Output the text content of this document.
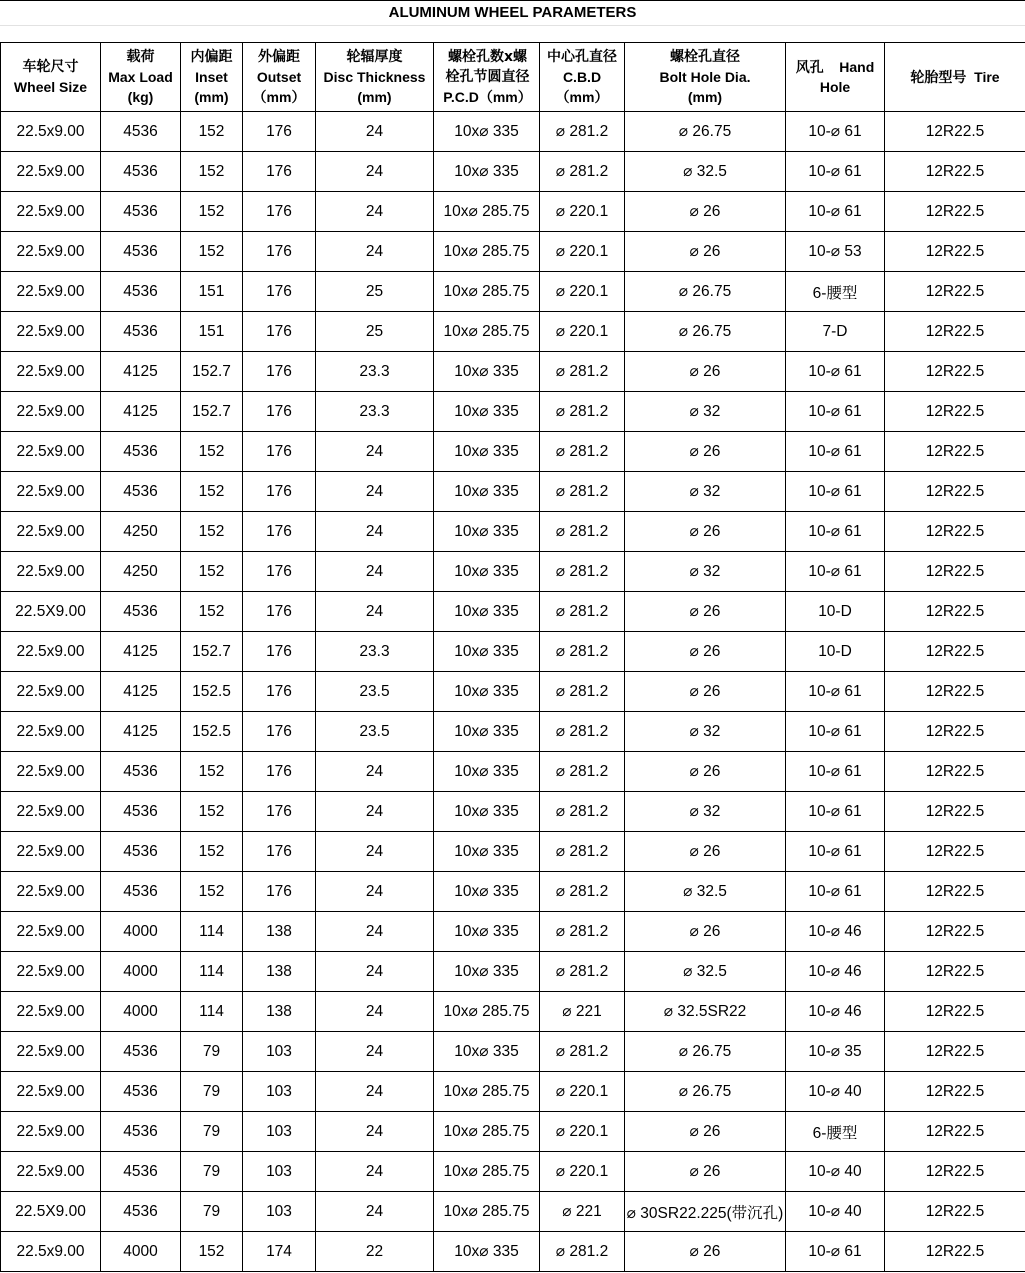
ALUMINUM WHEEL PARAMETERS
车轮尺寸
Wheel Size	载荷
Max Load
(kg)	内偏距
Inset
(mm)	外偏距
Outset
（mm）	轮辐厚度
Disc Thickness
(mm)	螺栓孔数x螺
栓孔节圆直径
P.C.D（mm）	中心孔直径
C.B.D
（mm）	螺栓孔直径
Bolt Hole Dia.
(mm)	风孔    Hand
Hole	轮胎型号  Tire

22.5x9.00	4536	152	176	24	10x⌀ 335	⌀ 281.2	⌀ 26.75	10-⌀ 61	12R22.5
22.5x9.00	4536	152	176	24	10x⌀ 335	⌀ 281.2	⌀ 32.5	10-⌀ 61	12R22.5
22.5x9.00	4536	152	176	24	10x⌀ 285.75	⌀ 220.1	⌀ 26	10-⌀ 61	12R22.5
22.5x9.00	4536	152	176	24	10x⌀ 285.75	⌀ 220.1	⌀ 26	10-⌀ 53	12R22.5
22.5x9.00	4536	151	176	25	10x⌀ 285.75	⌀ 220.1	⌀ 26.75	6-腰型	12R22.5
22.5x9.00	4536	151	176	25	10x⌀ 285.75	⌀ 220.1	⌀ 26.75	7-D	12R22.5
22.5x9.00	4125	152.7	176	23.3	10x⌀ 335	⌀ 281.2	⌀ 26	10-⌀ 61	12R22.5
22.5x9.00	4125	152.7	176	23.3	10x⌀ 335	⌀ 281.2	⌀ 32	10-⌀ 61	12R22.5
22.5x9.00	4536	152	176	24	10x⌀ 335	⌀ 281.2	⌀ 26	10-⌀ 61	12R22.5
22.5x9.00	4536	152	176	24	10x⌀ 335	⌀ 281.2	⌀ 32	10-⌀ 61	12R22.5
22.5x9.00	4250	152	176	24	10x⌀ 335	⌀ 281.2	⌀ 26	10-⌀ 61	12R22.5
22.5x9.00	4250	152	176	24	10x⌀ 335	⌀ 281.2	⌀ 32	10-⌀ 61	12R22.5
22.5X9.00	4536	152	176	24	10x⌀ 335	⌀ 281.2	⌀ 26	10-D	12R22.5
22.5x9.00	4125	152.7	176	23.3	10x⌀ 335	⌀ 281.2	⌀ 26	10-D	12R22.5
22.5x9.00	4125	152.5	176	23.5	10x⌀ 335	⌀ 281.2	⌀ 26	10-⌀ 61	12R22.5
22.5x9.00	4125	152.5	176	23.5	10x⌀ 335	⌀ 281.2	⌀ 32	10-⌀ 61	12R22.5
22.5x9.00	4536	152	176	24	10x⌀ 335	⌀ 281.2	⌀ 26	10-⌀ 61	12R22.5
22.5x9.00	4536	152	176	24	10x⌀ 335	⌀ 281.2	⌀ 32	10-⌀ 61	12R22.5
22.5x9.00	4536	152	176	24	10x⌀ 335	⌀ 281.2	⌀ 26	10-⌀ 61	12R22.5
22.5x9.00	4536	152	176	24	10x⌀ 335	⌀ 281.2	⌀ 32.5	10-⌀ 61	12R22.5
22.5x9.00	4000	114	138	24	10x⌀ 335	⌀ 281.2	⌀ 26	10-⌀ 46	12R22.5
22.5x9.00	4000	114	138	24	10x⌀ 335	⌀ 281.2	⌀ 32.5	10-⌀ 46	12R22.5
22.5x9.00	4000	114	138	24	10x⌀ 285.75	⌀ 221	⌀ 32.5SR22	10-⌀ 46	12R22.5
22.5x9.00	4536	79	103	24	10x⌀ 335	⌀ 281.2	⌀ 26.75	10-⌀ 35	12R22.5
22.5x9.00	4536	79	103	24	10x⌀ 285.75	⌀ 220.1	⌀ 26.75	10-⌀ 40	12R22.5
22.5x9.00	4536	79	103	24	10x⌀ 285.75	⌀ 220.1	⌀ 26	6-腰型	12R22.5
22.5x9.00	4536	79	103	24	10x⌀ 285.75	⌀ 220.1	⌀ 26	10-⌀ 40	12R22.5
22.5X9.00	4536	79	103	24	10x⌀ 285.75	⌀ 221	⌀ 30SR22.225(带沉孔)	10-⌀ 40	12R22.5
22.5x9.00	4000	152	174	22	10x⌀ 335	⌀ 281.2	⌀ 26	10-⌀ 61	12R22.5
